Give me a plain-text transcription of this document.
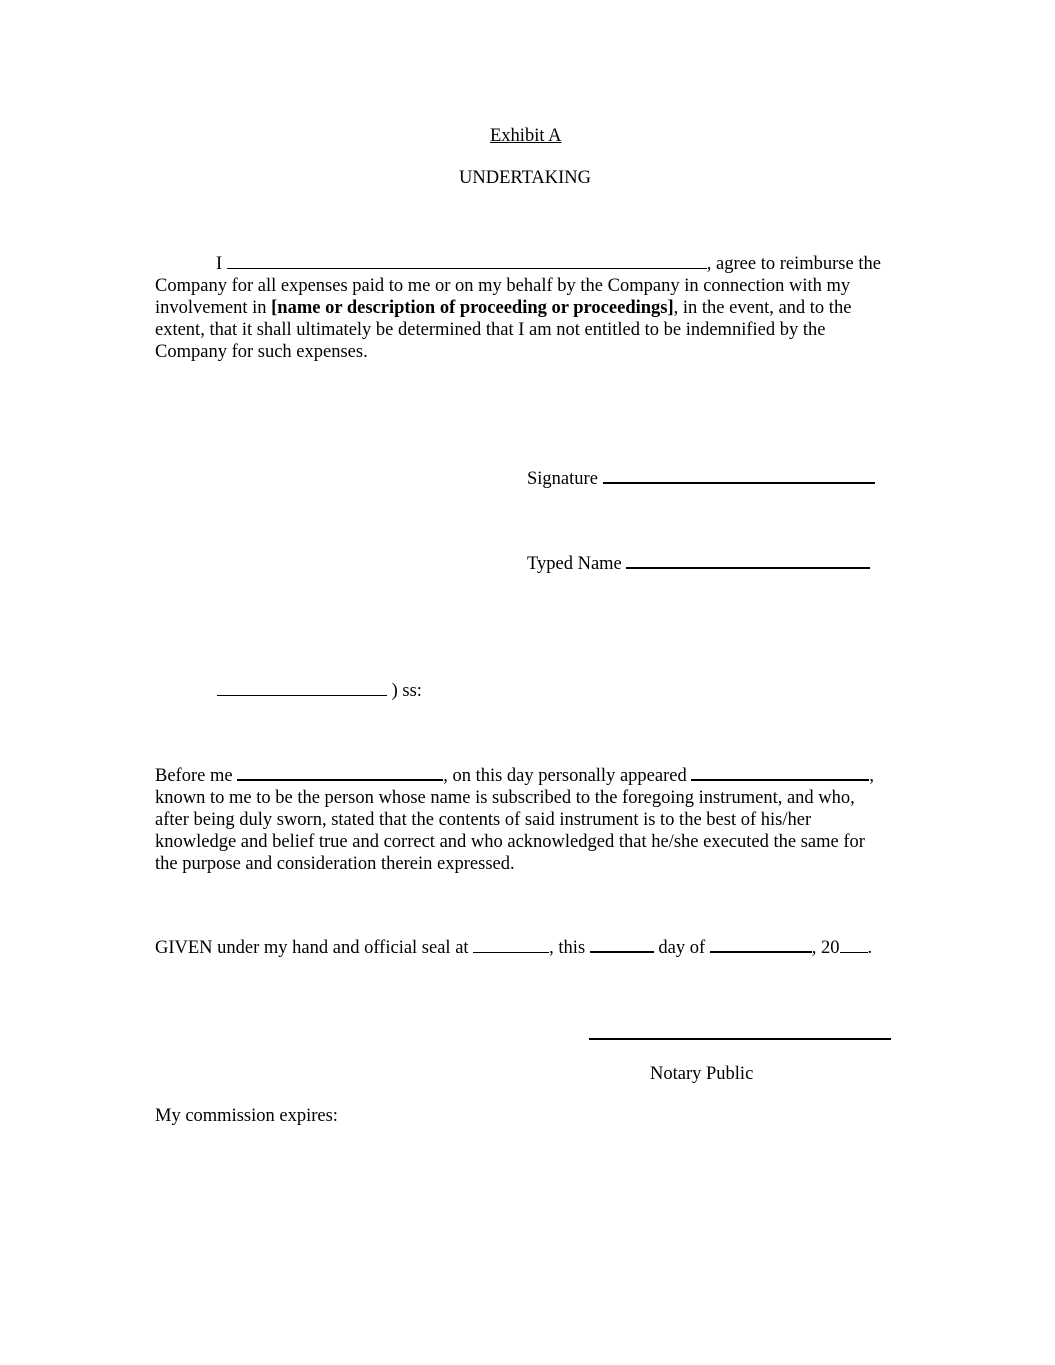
Exhibit A
UNDERTAKING
I	, agree to reimburse the
Company for all expenses paid to me or on my behalf by the Company in connection with my
involvement in [name or description of proceeding or proceedings], in the event, and to the
extent, that it shall ultimately be determined that I am not entitled to be indemnified by the
Company for such expenses.
Signature
Typed Name
) ss:
Before me	, on this day personally appeared	,
known to me to be the person whose name is subscribed to the foregoing instrument, and who,
after being duly sworn, stated that the contents of said instrument is to the best of his/her
knowledge and belief true and correct and who acknowledged that he/she executed the same for
the purpose and consideration therein expressed.
GIVEN under my hand and official seal at	, this	day of	, 20 .
Notary Public
My commission expires:
